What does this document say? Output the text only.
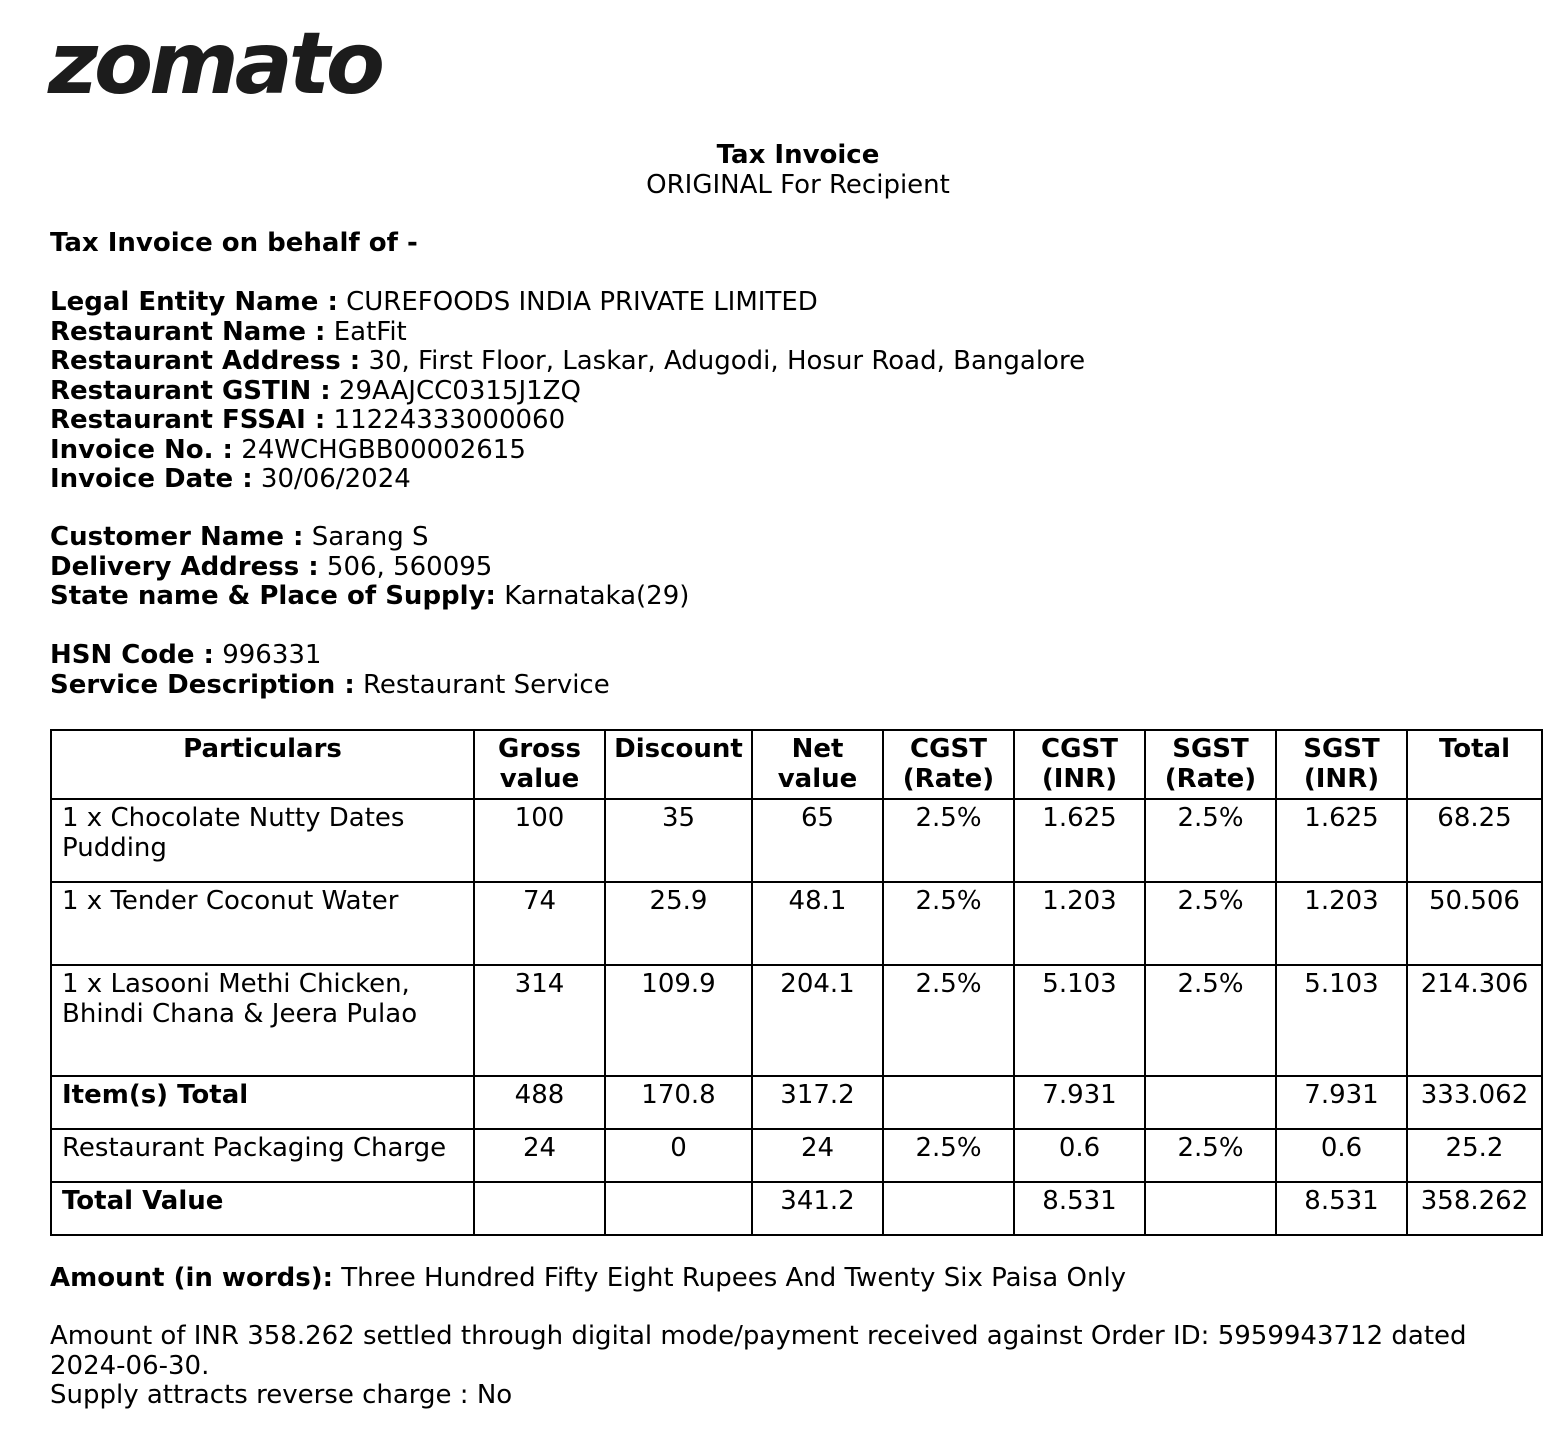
zomato
Tax Invoice
ORIGINAL For Recipient
Tax Invoice on behalf of -
Legal Entity Name : CUREFOODS INDIA PRIVATE LIMITED
Restaurant Name : EatFit
Restaurant Address : 30, First Floor, Laskar, Adugodi, Hosur Road, Bangalore
Restaurant GSTIN : 29AAJCC0315J1ZQ
Restaurant FSSAI : 11224333000060
Invoice No. : 24WCHGBB00002615
Invoice Date : 30/06/2024
Customer Name : Sarang S
Delivery Address : 506, 560095
State name & Place of Supply: Karnataka(29)
HSN Code : 996331
Service Description : Restaurant Service
Particulars	Gross value	Discount	Net value	CGST (Rate)	CGST (INR)	SGST (Rate)	SGST (INR)	Total
1 x Chocolate Nutty Dates Pudding	100	35	65	2.5%	1.625	2.5%	1.625	68.25
1 x Tender Coconut Water	74	25.9	48.1	2.5%	1.203	2.5%	1.203	50.506
1 x Lasooni Methi Chicken, Bhindi Chana & Jeera Pulao	314	109.9	204.1	2.5%	5.103	2.5%	5.103	214.306
Item(s) Total	488	170.8	317.2		7.931		7.931	333.062
Restaurant Packaging Charge	24	0	24	2.5%	0.6	2.5%	0.6	25.2
Total Value			341.2		8.531		8.531	358.262
Amount (in words): Three Hundred Fifty Eight Rupees And Twenty Six Paisa Only
Amount of INR 358.262 settled through digital mode/payment received against Order ID: 5959943712 dated 2024-06-30.
Supply attracts reverse charge : No
